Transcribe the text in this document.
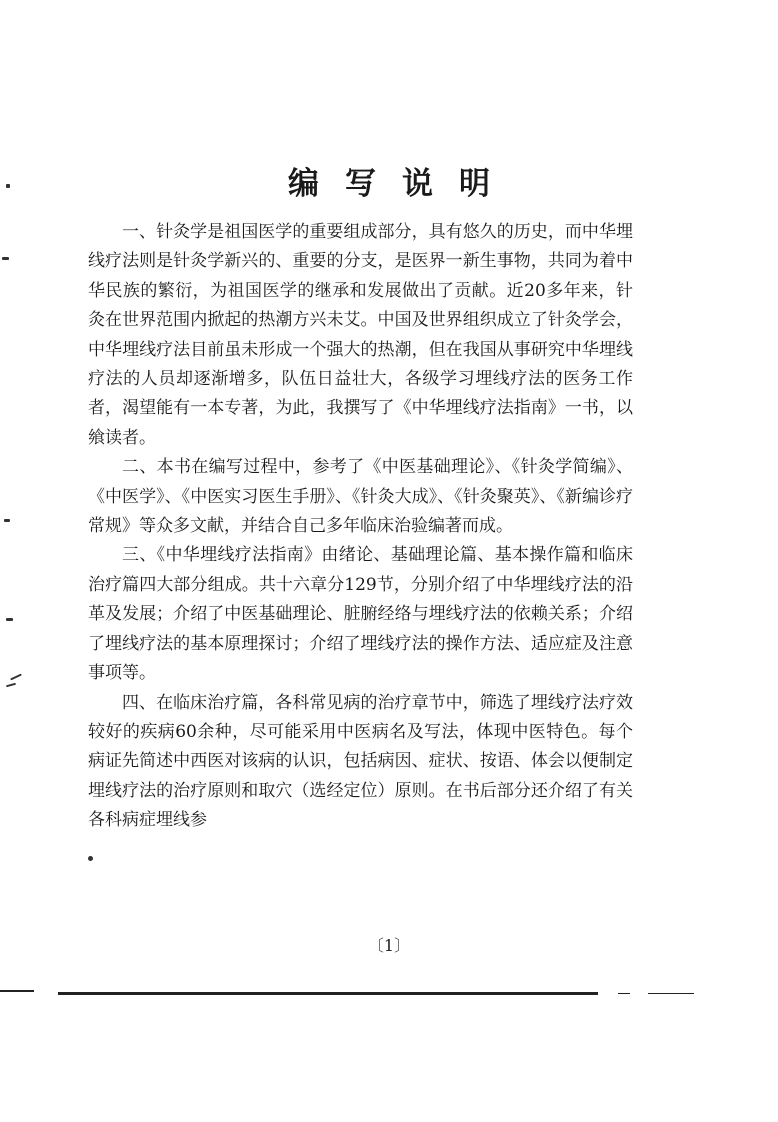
编写说明

一、针灸学是祖国医学的重要组成部分，具有悠久的历史，而中华埋线疗法则是针灸学新兴的、重要的分支，是医界一新生事物，共同为着中华民族的繁衍，为祖国医学的继承和发展做出了贡献。近20多年来，针灸在世界范围内掀起的热潮方兴未艾。中国及世界组织成立了针灸学会，中华埋线疗法目前虽未形成一个强大的热潮，但在我国从事研究中华埋线疗法的人员却逐渐增多，队伍日益壮大，各级学习埋线疗法的医务工作者，渴望能有一本专著，为此，我撰写了《中华埋线疗法指南》一书，以飨读者。

二、本书在编写过程中，参考了《中医基础理论》、《针灸学简编》、《中医学》、《中医实习医生手册》、《针灸大成》、《针灸聚英》、《新编诊疗常规》等众多文献，并结合自己多年临床治验编著而成。

三、《中华埋线疗法指南》由绪论、基础理论篇、基本操作篇和临床治疗篇四大部分组成。共十六章分129节，分别介绍了中华埋线疗法的沿革及发展；介绍了中医基础理论、脏腑经络与埋线疗法的依赖关系；介绍了埋线疗法的基本原理探讨；介绍了埋线疗法的操作方法、适应症及注意事项等。

四、在临床治疗篇，各科常见病的治疗章节中，筛选了埋线疗法疗效较好的疾病60余种，尽可能采用中医病名及写法，体现中医特色。每个病证先简述中西医对该病的认识，包括病因、症状、按语、体会以便制定埋线疗法的治疗原则和取穴（选经定位）原则。在书后部分还介绍了有关各科病症埋线参

〔1〕
